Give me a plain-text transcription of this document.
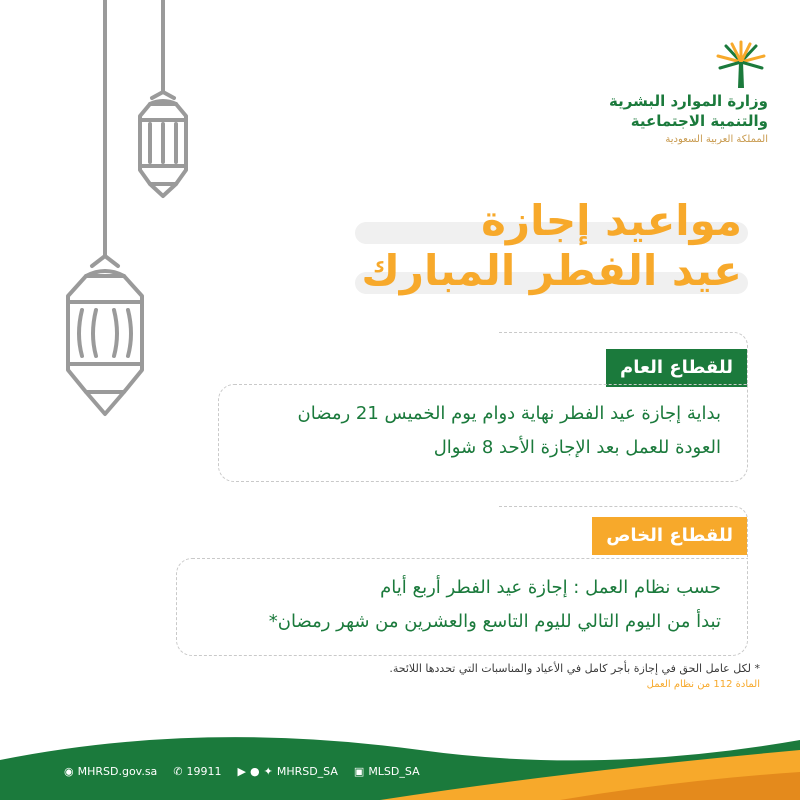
وزارة الموارد البشرية
والتنمية الاجتماعية
المملكة العربية السعودية
مواعيد إجازة
عيد الفطر المبارك
للقطاع العام

بداية إجازة عيد الفطر نهاية دوام يوم الخميس 21 رمضان

العودة للعمل بعد الإجازة الأحد 8 شوال

للقطاع الخاص

حسب نظام العمل : إجازة عيد الفطر أربع أيام

تبدأ من اليوم التالي لليوم التاسع والعشرين من شهر رمضان*

* لكل عامل الحق في إجازة بأجر كامل في الأعياد والمناسبات التي تحددها اللائحة.
المادة 112 من نظام العمل
◉ MHRSD.gov.sa ✆ 19911 ▶ ● ✦ MHRSD_SA ▣ MLSD_SA
